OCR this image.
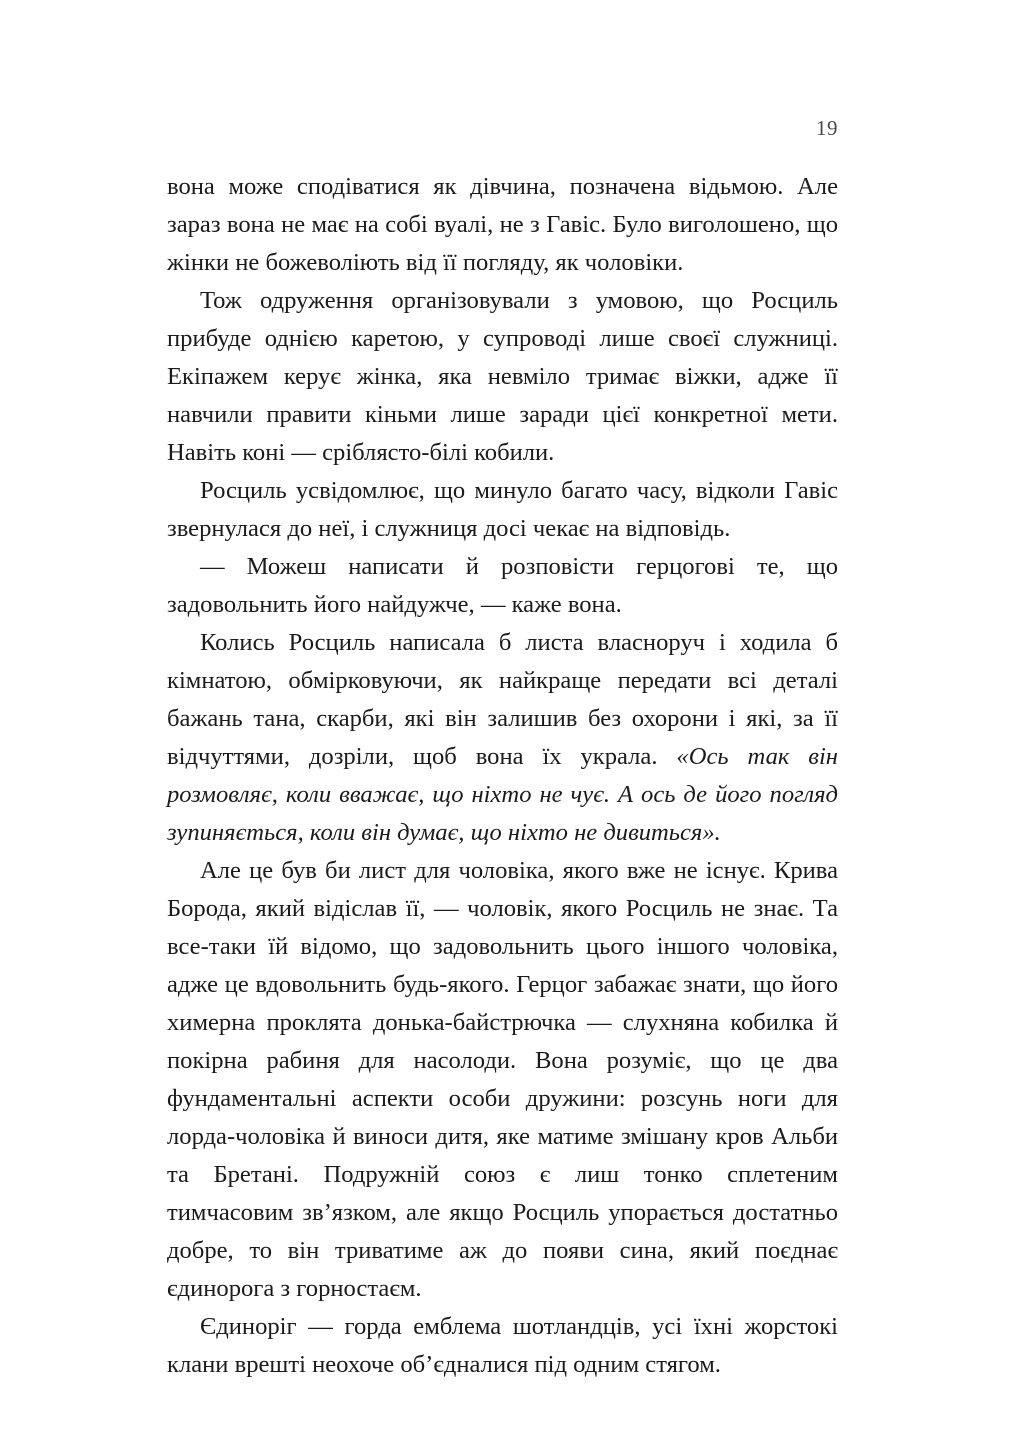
19

вона може сподіватися як дівчина, позначена відьмою. Але зараз вона не має на собі вуалі, не з Гавіс. Було виголошено, що жінки не божеволіють від її погляду, як чоловіки.

Тож одруження організовували з умовою, що Росциль прибуде однією каретою, у супроводі лише своєї служниці. Екіпажем керує жінка, яка невміло тримає віжки, адже її навчили правити кіньми лише заради цієї конкретної мети. Навіть коні — сріблясто-білі кобили.

Росциль усвідомлює, що минуло багато часу, відколи Гавіс звернулася до неї, і служниця досі чекає на відповідь.

— Можеш написати й розповісти герцогові те, що задовольнить його найдужче, — каже вона.

Колись Росциль написала б листа власноруч і ходила б кімнатою, обмірковуючи, як найкраще передати всі деталі бажань тана, скарби, які він залишив без охорони і які, за її відчуттями, дозріли, щоб вона їх украла. «Ось так він розмовляє, коли вважає, що ніхто не чує. А ось де його погляд зупиняється, коли він думає, що ніхто не дивиться».

Але це був би лист для чоловіка, якого вже не існує. Крива Борода, який відіслав її, — чоловік, якого Росциль не знає. Та все-таки їй відомо, що задовольнить цього іншого чоловіка, адже це вдовольнить будь-якого. Герцог забажає знати, що його химерна проклята донька-байстрючка — слухняна кобилка й покірна рабиня для насолоди. Вона розуміє, що це два фундаментальні аспекти особи дружини: розсунь ноги для лорда-чоловіка й виноси дитя, яке матиме змішану кров Альби та Бретані. Подружній союз є лиш тонко сплетеним тимчасовим зв’язком, але якщо Росциль упорається достатньо добре, то він триватиме аж до появи сина, який поєднає єдинорога з горностаєм.

Єдиноріг — горда емблема шотландців, усі їхні жорстокі клани врешті неохоче об’єдналися під одним стягом.
